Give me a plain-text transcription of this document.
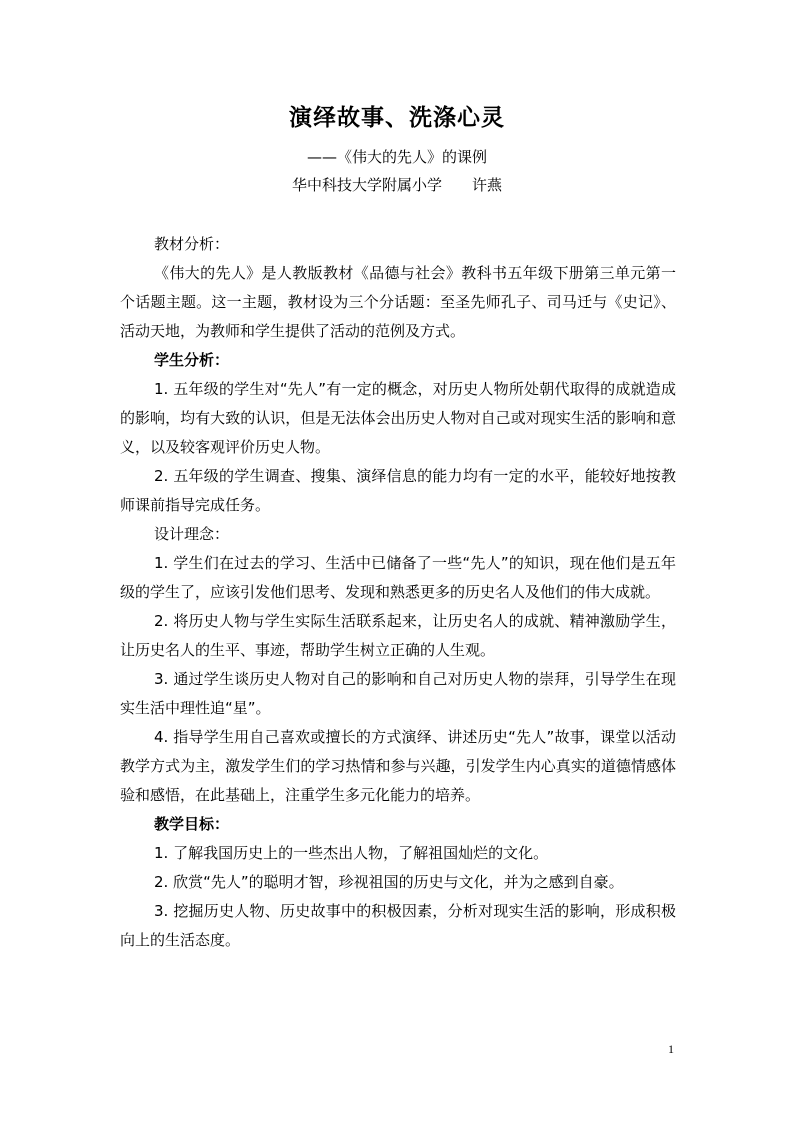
演绎故事、洗涤心灵
——《伟大的先人》的课例
华中科技大学附属小学 许燕

教材分析：

《伟大的先人》是人教版教材《品德与社会》教科书五年级下册第三单元第一个话题主题。这一主题，教材设为三个分话题：至圣先师孔子、司马迁与《史记》、活动天地，为教师和学生提供了活动的范例及方式。

学生分析：

1. 五年级的学生对“先人”有一定的概念，对历史人物所处朝代取得的成就造成的影响，均有大致的认识，但是无法体会出历史人物对自己或对现实生活的影响和意义，以及较客观评价历史人物。

2. 五年级的学生调查、搜集、演绎信息的能力均有一定的水平，能较好地按教师课前指导完成任务。

设计理念：

1. 学生们在过去的学习、生活中已储备了一些“先人”的知识，现在他们是五年级的学生了，应该引发他们思考、发现和熟悉更多的历史名人及他们的伟大成就。

2. 将历史人物与学生实际生活联系起来，让历史名人的成就、精神激励学生，让历史名人的生平、事迹，帮助学生树立正确的人生观。

3. 通过学生谈历史人物对自己的影响和自己对历史人物的崇拜，引导学生在现实生活中理性追“星”。

4. 指导学生用自己喜欢或擅长的方式演绎、讲述历史“先人”故事，课堂以活动教学方式为主，激发学生们的学习热情和参与兴趣，引发学生内心真实的道德情感体验和感悟，在此基础上，注重学生多元化能力的培养。

教学目标：

1. 了解我国历史上的一些杰出人物，了解祖国灿烂的文化。

2. 欣赏“先人”的聪明才智，珍视祖国的历史与文化，并为之感到自豪。

3. 挖掘历史人物、历史故事中的积极因素，分析对现实生活的影响，形成积极向上的生活态度。

1
